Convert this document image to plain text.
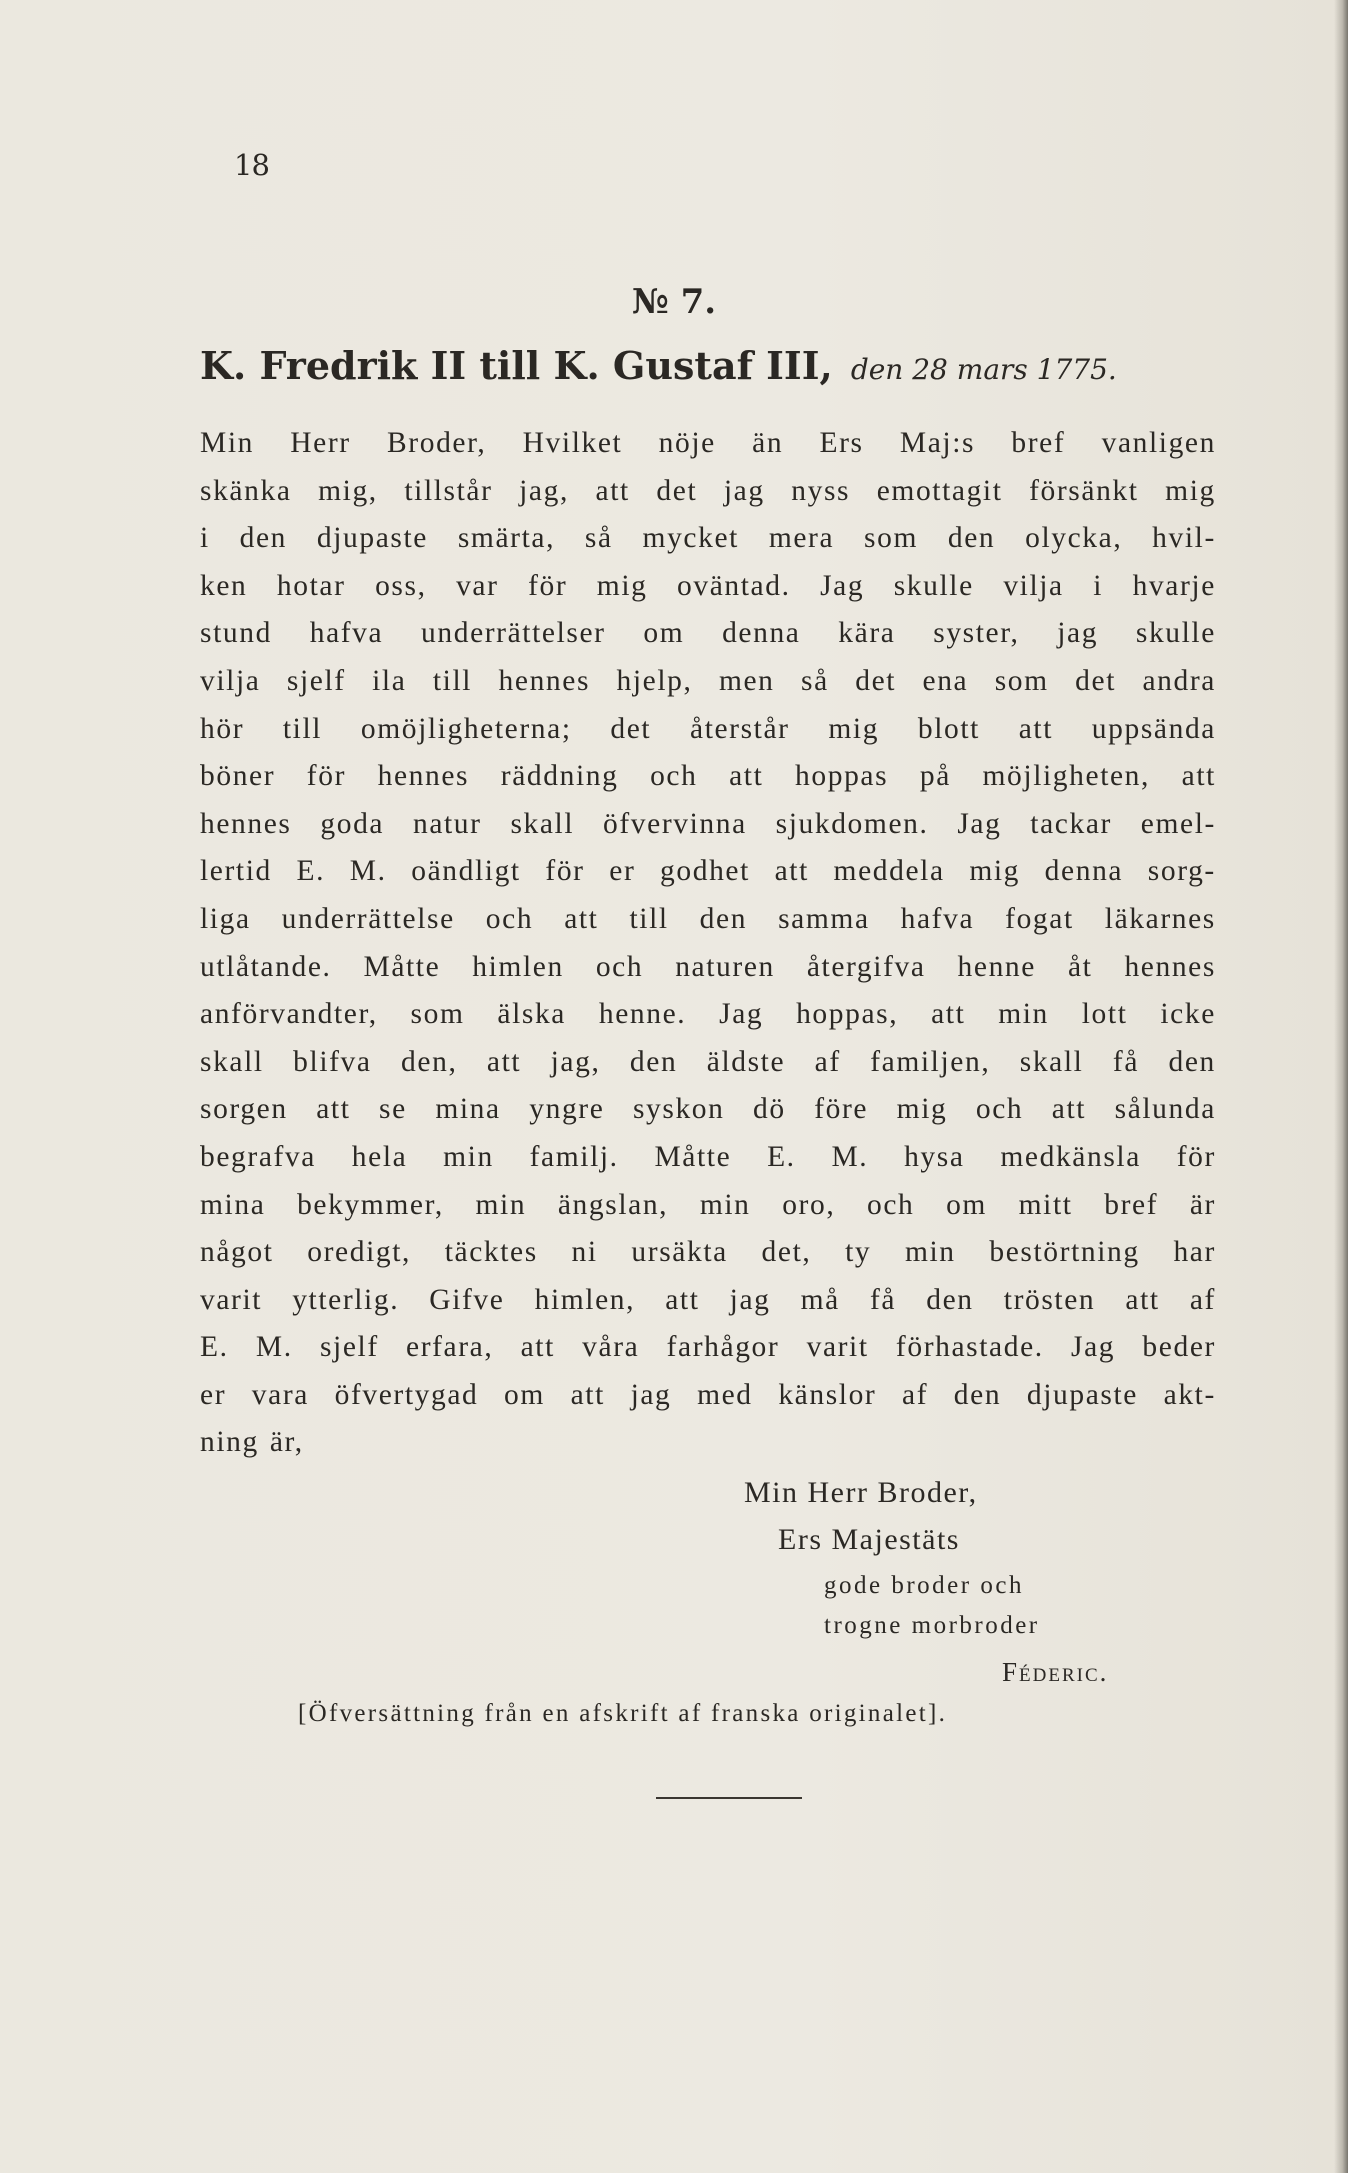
18
№ 7.
K. Fredrik II till K. Gustaf III, den 28 mars 1775.
Min Herr Broder, Hvilket nöje än Ers Maj:s bref vanligen
skänka mig, tillstår jag, att det jag nyss emottagit försänkt mig
i den djupaste smärta, så mycket mera som den olycka, hvil-
ken hotar oss, var för mig oväntad. Jag skulle vilja i hvarje
stund hafva underrättelser om denna kära syster, jag skulle
vilja sjelf ila till hennes hjelp, men så det ena som det andra
hör till omöjligheterna; det återstår mig blott att uppsända
böner för hennes räddning och att hoppas på möjligheten, att
hennes goda natur skall öfvervinna sjukdomen. Jag tackar emel-
lertid E. M. oändligt för er godhet att meddela mig denna sorg-
liga underrättelse och att till den samma hafva fogat läkarnes
utlåtande. Måtte himlen och naturen återgifva henne åt hennes
anförvandter, som älska henne. Jag hoppas, att min lott icke
skall blifva den, att jag, den äldste af familjen, skall få den
sorgen att se mina yngre syskon dö före mig och att sålunda
begrafva hela min familj. Måtte E. M. hysa medkänsla för
mina bekymmer, min ängslan, min oro, och om mitt bref är
något oredigt, täcktes ni ursäkta det, ty min bestörtning har
varit ytterlig. Gifve himlen, att jag må få den trösten att af
E. M. sjelf erfara, att våra farhågor varit förhastade. Jag beder
er vara öfvertygad om att jag med känslor af den djupaste akt-
ning är,
Min Herr Broder,
Ers Majestäts
gode broder och
trogne morbroder
Féderic.
[Öfversättning från en afskrift af franska originalet].
